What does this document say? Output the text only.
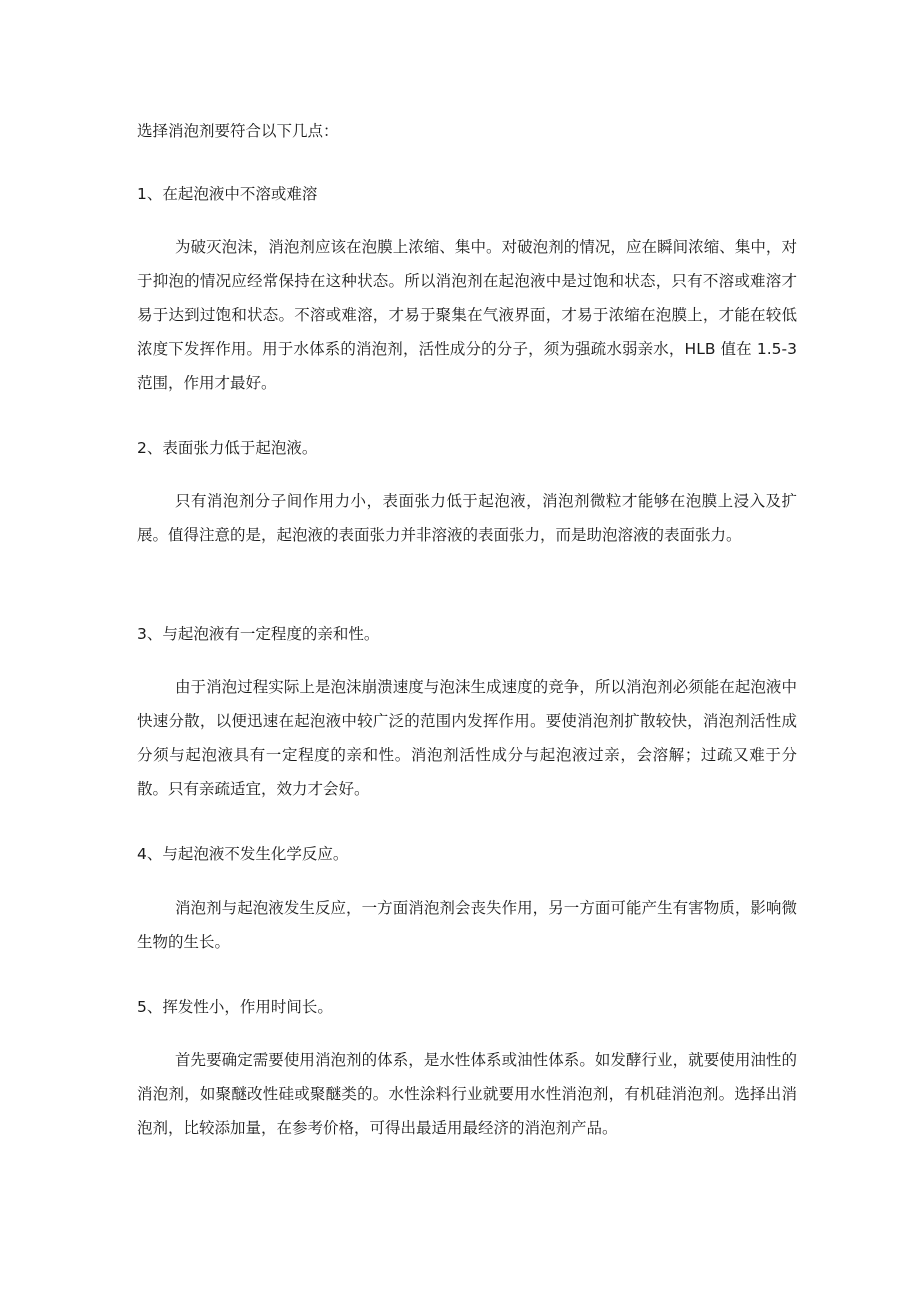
选择消泡剂要符合以下几点：
1、在起泡液中不溶或难溶
为破灭泡沫，消泡剂应该在泡膜上浓缩、集中。对破泡剂的情况，应在瞬间浓缩、集中，对于抑泡的情况应经常保持在这种状态。所以消泡剂在起泡液中是过饱和状态，只有不溶或难溶才易于达到过饱和状态。不溶或难溶，才易于聚集在气液界面，才易于浓缩在泡膜上，才能在较低浓度下发挥作用。用于水体系的消泡剂，活性成分的分子，须为强疏水弱亲水，HLB 值在 1.5-3 范围，作用才最好。
2、表面张力低于起泡液。
只有消泡剂分子间作用力小，表面张力低于起泡液，消泡剂微粒才能够在泡膜上浸入及扩展。值得注意的是，起泡液的表面张力并非溶液的表面张力，而是助泡溶液的表面张力。
3、与起泡液有一定程度的亲和性。
由于消泡过程实际上是泡沫崩溃速度与泡沫生成速度的竞争，所以消泡剂必须能在起泡液中快速分散，以便迅速在起泡液中较广泛的范围内发挥作用。要使消泡剂扩散较快，消泡剂活性成分须与起泡液具有一定程度的亲和性。消泡剂活性成分与起泡液过亲，会溶解；过疏又难于分散。只有亲疏适宜，效力才会好。
4、与起泡液不发生化学反应。
消泡剂与起泡液发生反应，一方面消泡剂会丧失作用，另一方面可能产生有害物质，影响微生物的生长。
5、挥发性小，作用时间长。
首先要确定需要使用消泡剂的体系，是水性体系或油性体系。如发酵行业，就要使用油性的消泡剂，如聚醚改性硅或聚醚类的。水性涂料行业就要用水性消泡剂，有机硅消泡剂。选择出消泡剂，比较添加量，在参考价格，可得出最适用最经济的消泡剂产品。
